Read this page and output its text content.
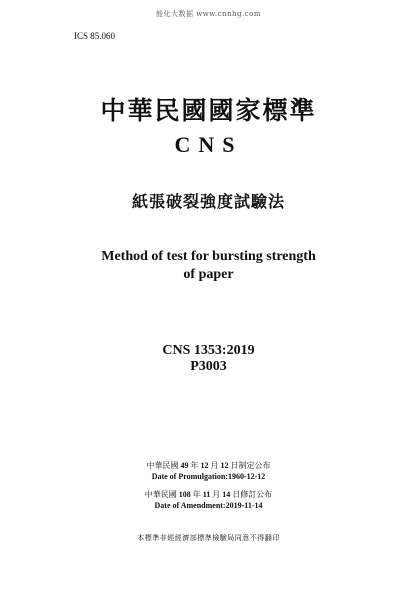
能化大数据 www.cnnhg.com
ICS 85.060
中華民國國家標準
CNS
紙張破裂強度試驗法
Method of test for bursting strength
of paper
CNS 1353:2019
P3003
中華民國 49 年 12 月 12 日制定公布
Date of Promulgation:1960-12-12
中華民國 108 年 11 月 14 日修訂公布
Date of Amendment:2019-11-14
本標準非經經濟部標準檢驗局同意不得翻印
